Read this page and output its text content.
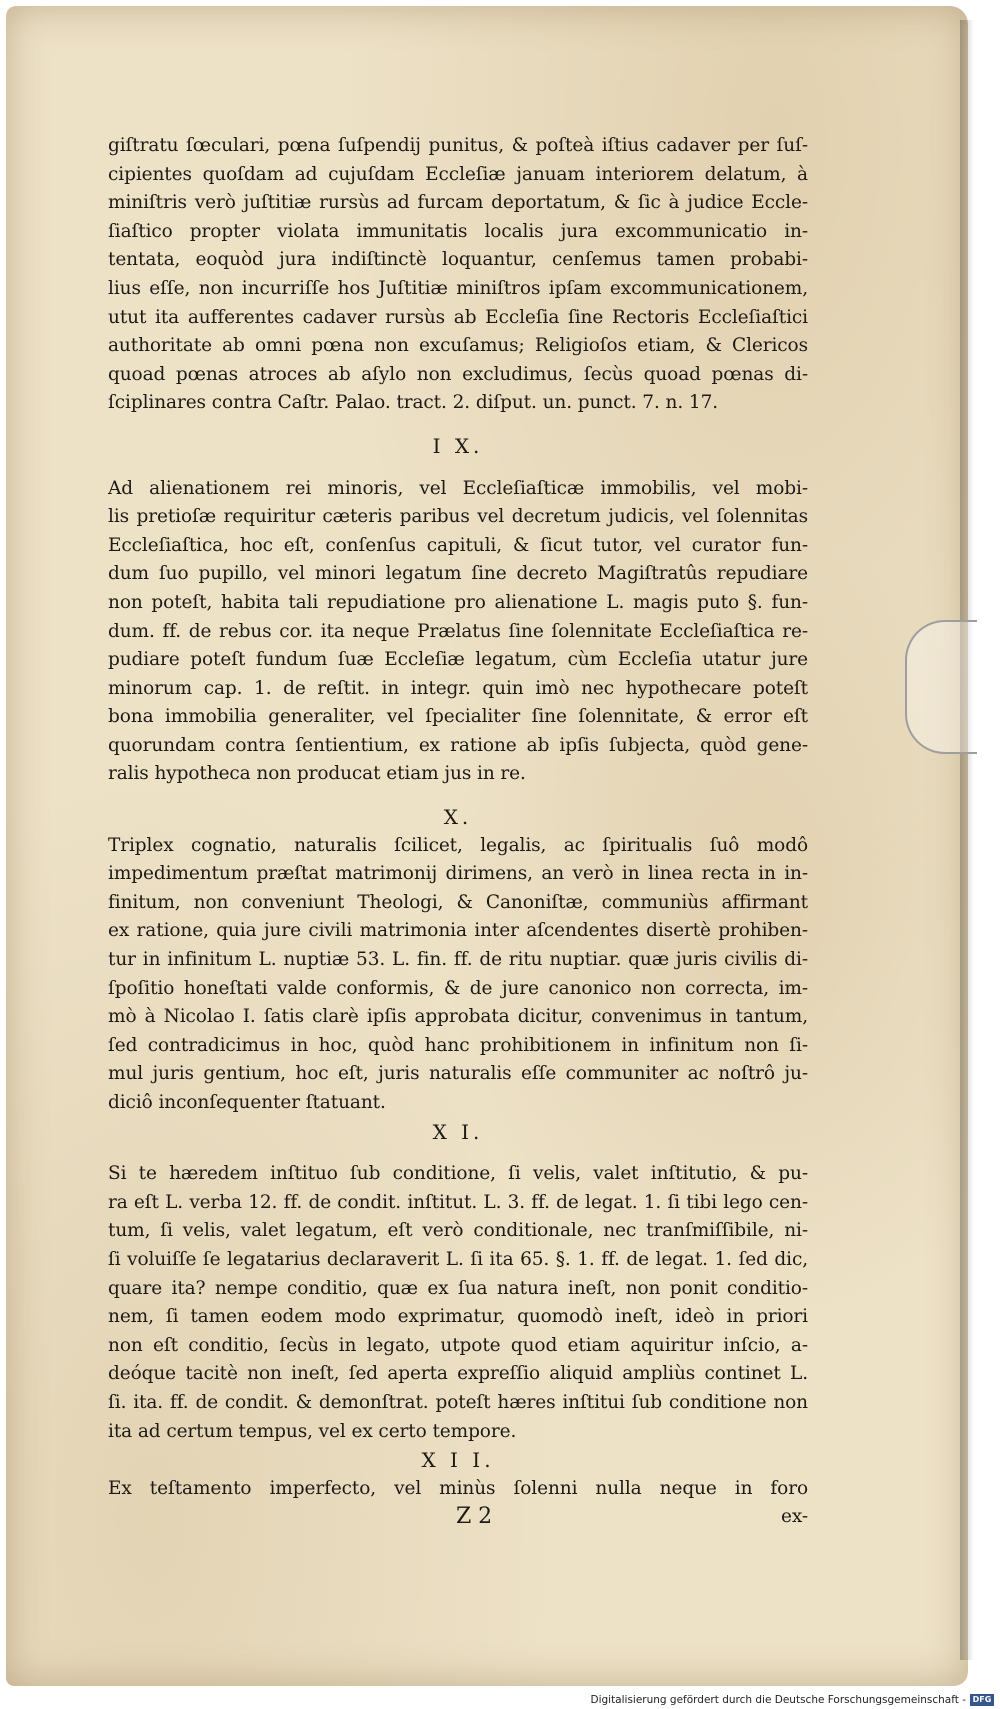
giſtratu ſœculari, pœna ſuſpendij punitus, & poſteà iſtius cadaver per ſuſ-
cipientes quoſdam ad cujuſdam Eccleſiæ januam interiorem delatum, à
miniſtris verò juſtitiæ rursùs ad furcam deportatum, & ſic à judice Eccle-
ſiaſtico propter violata immunitatis localis jura excommunicatio in-
tentata, eoquòd jura indiſtinctè loquantur, cenſemus tamen probabi-
lius eſſe, non incurriſſe hos Juſtitiæ miniſtros ipſam excommunicationem,
utut ita aufferentes cadaver rursùs ab Eccleſia ſine Rectoris Eccleſiaſtici
authoritate ab omni pœna non excuſamus; Religioſos etiam, & Clericos
quoad pœnas atroces ab aſylo non excludimus, ſecùs quoad pœnas di-
ſciplinares contra Caſtr. Palao. tract. 2. diſput. un. punct. 7. n. 17.
I X.
Ad alienationem rei minoris, vel Eccleſiaſticæ immobilis, vel mobi-
lis pretioſæ requiritur cæteris paribus vel decretum judicis, vel ſolennitas
Eccleſiaſtica, hoc eſt, conſenſus capituli, & ſicut tutor, vel curator fun-
dum ſuo pupillo, vel minori legatum ſine decreto Magiſtratûs repudiare
non poteſt, habita tali repudiatione pro alienatione L. magis puto §. fun-
dum. ff. de rebus cor. ita neque Prælatus ſine ſolennitate Eccleſiaſtica re-
pudiare poteſt fundum ſuæ Eccleſiæ legatum, cùm Eccleſia utatur jure
minorum cap. 1. de reſtit. in integr. quin imò nec hypothecare poteſt
bona immobilia generaliter, vel ſpecialiter ſine ſolennitate, & error eſt
quorundam contra ſentientium, ex ratione ab ipſis ſubjecta, quòd gene-
ralis hypotheca non producat etiam jus in re.
X.
Triplex cognatio, naturalis ſcilicet, legalis, ac ſpiritualis ſuô modô
impedimentum præſtat matrimonij dirimens, an verò in linea recta in in-
finitum, non conveniunt Theologi, & Canoniſtæ, communiùs affirmant
ex ratione, quia jure civili matrimonia inter aſcendentes disertè prohiben-
tur in infinitum L. nuptiæ 53. L. fin. ff. de ritu nuptiar. quæ juris civilis di-
ſpoſitio honeſtati valde conformis, & de jure canonico non correcta, im-
mò à Nicolao I. ſatis clarè ipſis approbata dicitur, convenimus in tantum,
ſed contradicimus in hoc, quòd hanc prohibitionem in infinitum non ſi-
mul juris gentium, hoc eſt, juris naturalis eſſe communiter ac noſtrô ju-
diciô inconſequenter ſtatuant.
X I.
Si te hæredem inſtituo ſub conditione, ſi velis, valet inſtitutio, & pu-
ra eſt L. verba 12. ff. de condit. inſtitut. L. 3. ff. de legat. 1. ſi tibi lego cen-
tum, ſi velis, valet legatum, eſt verò conditionale, nec tranſmiſſibile, ni-
ſi voluiſſe ſe legatarius declaraverit L. ſi ita 65. §. 1. ff. de legat. 1. ſed dic,
quare ita? nempe conditio, quæ ex ſua natura ineſt, non ponit conditio-
nem, ſi tamen eodem modo exprimatur, quomodò ineſt, ideò in priori
non eſt conditio, ſecùs in legato, utpote quod etiam aquiritur inſcio, a-
deóque tacitè non ineſt, ſed aperta expreſſio aliquid ampliùs continet L.
ſi. ita. ff. de condit. & demonſtrat. poteſt hæres inſtitui ſub conditione non
ita ad certum tempus, vel ex certo tempore.
X I I.
Ex teſtamento imperfecto, vel minùs ſolenni nulla neque in foro
Z 2	ex-
Digitalisierung gefördert durch die Deutsche Forschungsgemeinschaft - DFG
